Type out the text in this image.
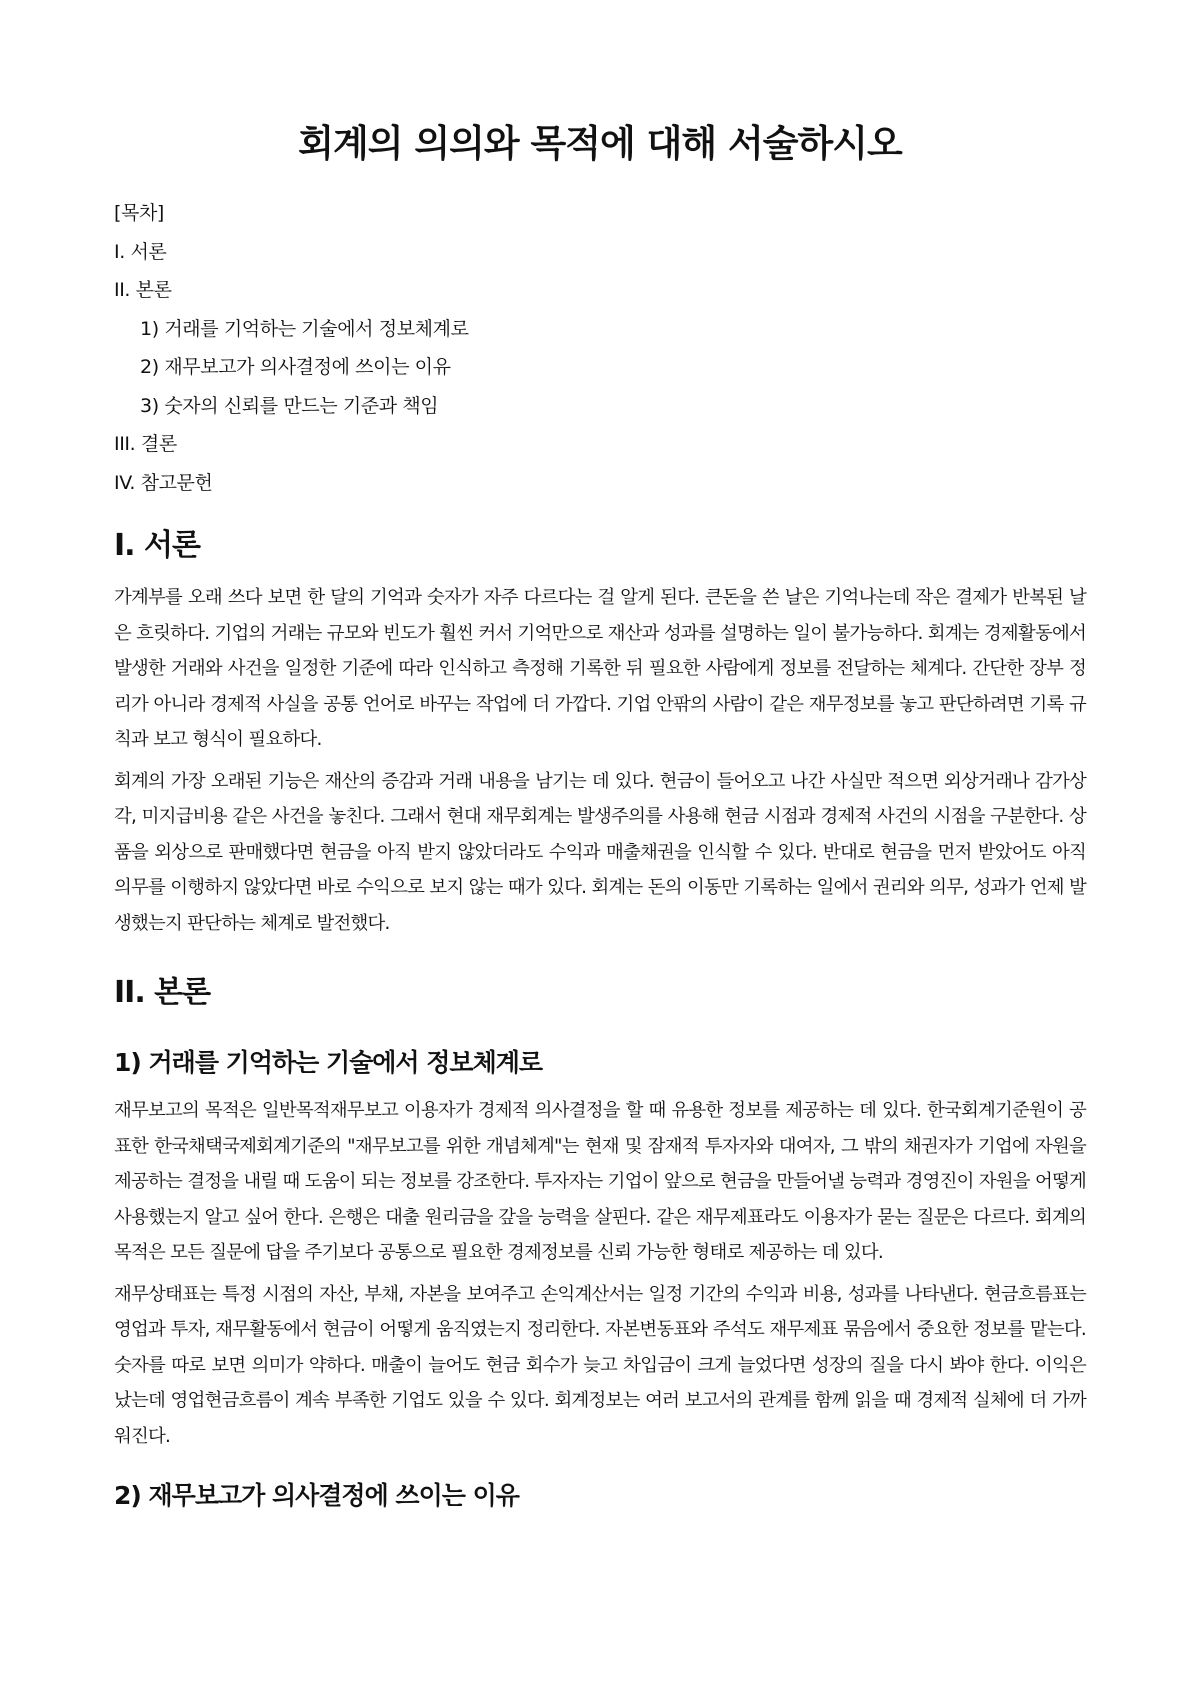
회계의 의의와 목적에 대해 서술하시오
[목차]
I. 서론
II. 본론
1) 거래를 기억하는 기술에서 정보체계로
2) 재무보고가 의사결정에 쓰이는 이유
3) 숫자의 신뢰를 만드는 기준과 책임
III. 결론
IV. 참고문헌
I. 서론

가계부를 오래 쓰다 보면 한 달의 기억과 숫자가 자주 다르다는 걸 알게 된다. 큰돈을 쓴 날은 기억나는데 작은 결제가 반복된 날은 흐릿하다. 기업의 거래는 규모와 빈도가 훨씬 커서 기억만으로 재산과 성과를 설명하는 일이 불가능하다. 회계는 경제활동에서 발생한 거래와 사건을 일정한 기준에 따라 인식하고 측정해 기록한 뒤 필요한 사람에게 정보를 전달하는 체계다. 간단한 장부 정리가 아니라 경제적 사실을 공통 언어로 바꾸는 작업에 더 가깝다. 기업 안팎의 사람이 같은 재무정보를 놓고 판단하려면 기록 규칙과 보고 형식이 필요하다.

회계의 가장 오래된 기능은 재산의 증감과 거래 내용을 남기는 데 있다. 현금이 들어오고 나간 사실만 적으면 외상거래나 감가상각, 미지급비용 같은 사건을 놓친다. 그래서 현대 재무회계는 발생주의를 사용해 현금 시점과 경제적 사건의 시점을 구분한다. 상품을 외상으로 판매했다면 현금을 아직 받지 않았더라도 수익과 매출채권을 인식할 수 있다. 반대로 현금을 먼저 받았어도 아직 의무를 이행하지 않았다면 바로 수익으로 보지 않는 때가 있다. 회계는 돈의 이동만 기록하는 일에서 권리와 의무, 성과가 언제 발생했는지 판단하는 체계로 발전했다.

II. 본론
1) 거래를 기억하는 기술에서 정보체계로

재무보고의 목적은 일반목적재무보고 이용자가 경제적 의사결정을 할 때 유용한 정보를 제공하는 데 있다. 한국회계기준원이 공표한 한국채택국제회계기준의 "재무보고를 위한 개념체계"는 현재 및 잠재적 투자자와 대여자, 그 밖의 채권자가 기업에 자원을 제공하는 결정을 내릴 때 도움이 되는 정보를 강조한다. 투자자는 기업이 앞으로 현금을 만들어낼 능력과 경영진이 자원을 어떻게 사용했는지 알고 싶어 한다. 은행은 대출 원리금을 갚을 능력을 살핀다. 같은 재무제표라도 이용자가 묻는 질문은 다르다. 회계의 목적은 모든 질문에 답을 주기보다 공통으로 필요한 경제정보를 신뢰 가능한 형태로 제공하는 데 있다.

재무상태표는 특정 시점의 자산, 부채, 자본을 보여주고 손익계산서는 일정 기간의 수익과 비용, 성과를 나타낸다. 현금흐름표는 영업과 투자, 재무활동에서 현금이 어떻게 움직였는지 정리한다. 자본변동표와 주석도 재무제표 묶음에서 중요한 정보를 맡는다. 숫자를 따로 보면 의미가 약하다. 매출이 늘어도 현금 회수가 늦고 차입금이 크게 늘었다면 성장의 질을 다시 봐야 한다. 이익은 났는데 영업현금흐름이 계속 부족한 기업도 있을 수 있다. 회계정보는 여러 보고서의 관계를 함께 읽을 때 경제적 실체에 더 가까워진다.

2) 재무보고가 의사결정에 쓰이는 이유
